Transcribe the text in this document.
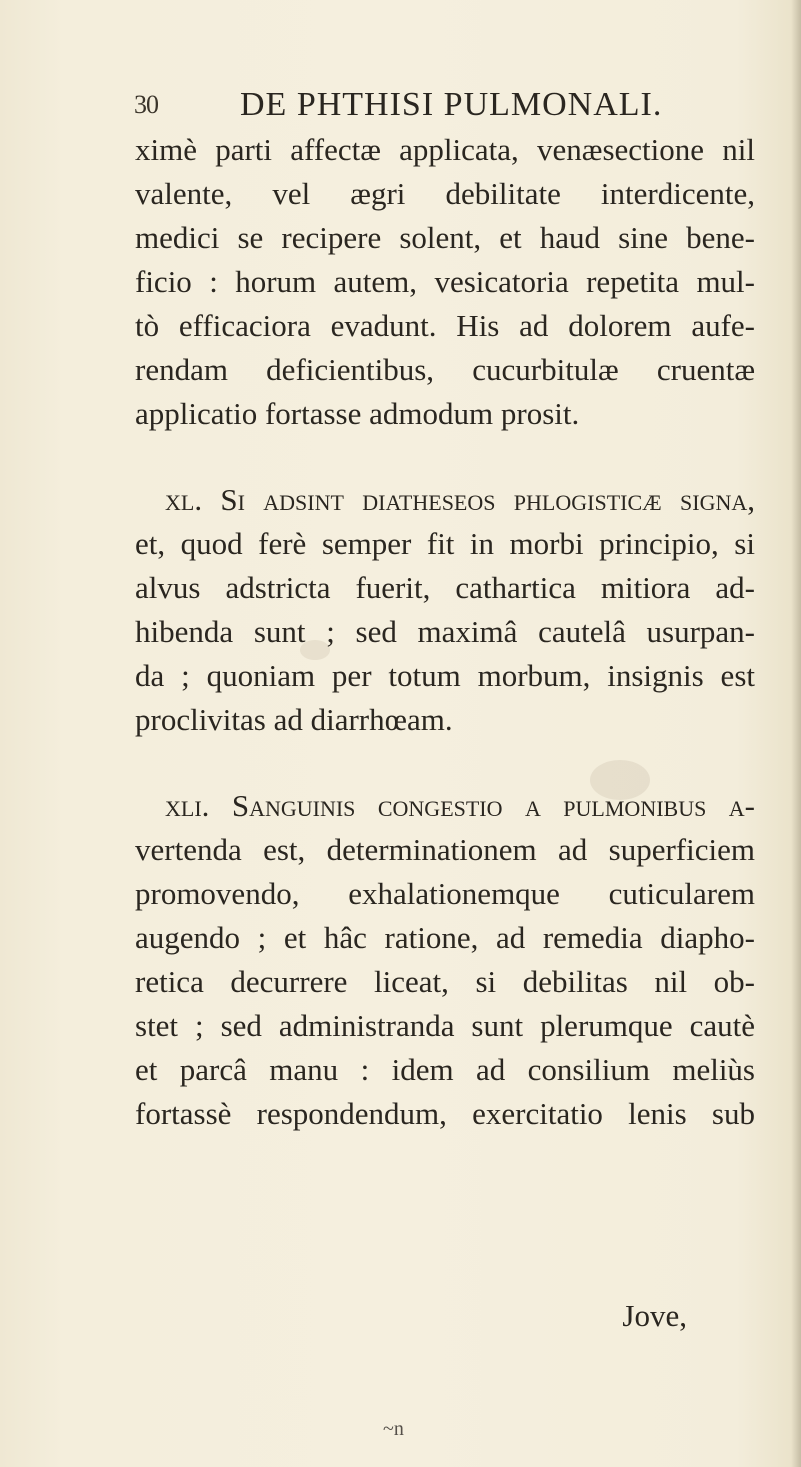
30 DE PHTHISI PULMONALI.
ximè parti affectæ applicata, venæsectione nil
valente, vel ægri debilitate interdicente,
medici se recipere solent, et haud sine bene-
ficio : horum autem, vesicatoria repetita mul-
tò efficaciora evadunt. His ad dolorem aufe-
rendam deficientibus, cucurbitulæ cruentæ
applicatio fortasse admodum prosit.
xl. Si adsint diatheseos phlogisticæ signa,
et, quod ferè semper fit in morbi principio, si
alvus adstricta fuerit, cathartica mitiora ad-
hibenda sunt ; sed maximâ cautelâ usurpan-
da ; quoniam per totum morbum, insignis est
proclivitas ad diarrhœam.
xli. Sanguinis congestio a pulmonibus a-
vertenda est, determinationem ad superficiem
promovendo, exhalationemque cuticularem
augendo ; et hâc ratione, ad remedia diapho-
retica decurrere liceat, si debilitas nil ob-
stet ; sed administranda sunt plerumque cautè
et parcâ manu : idem ad consilium meliùs
fortassè respondendum, exercitatio lenis sub
Jove,
~n
